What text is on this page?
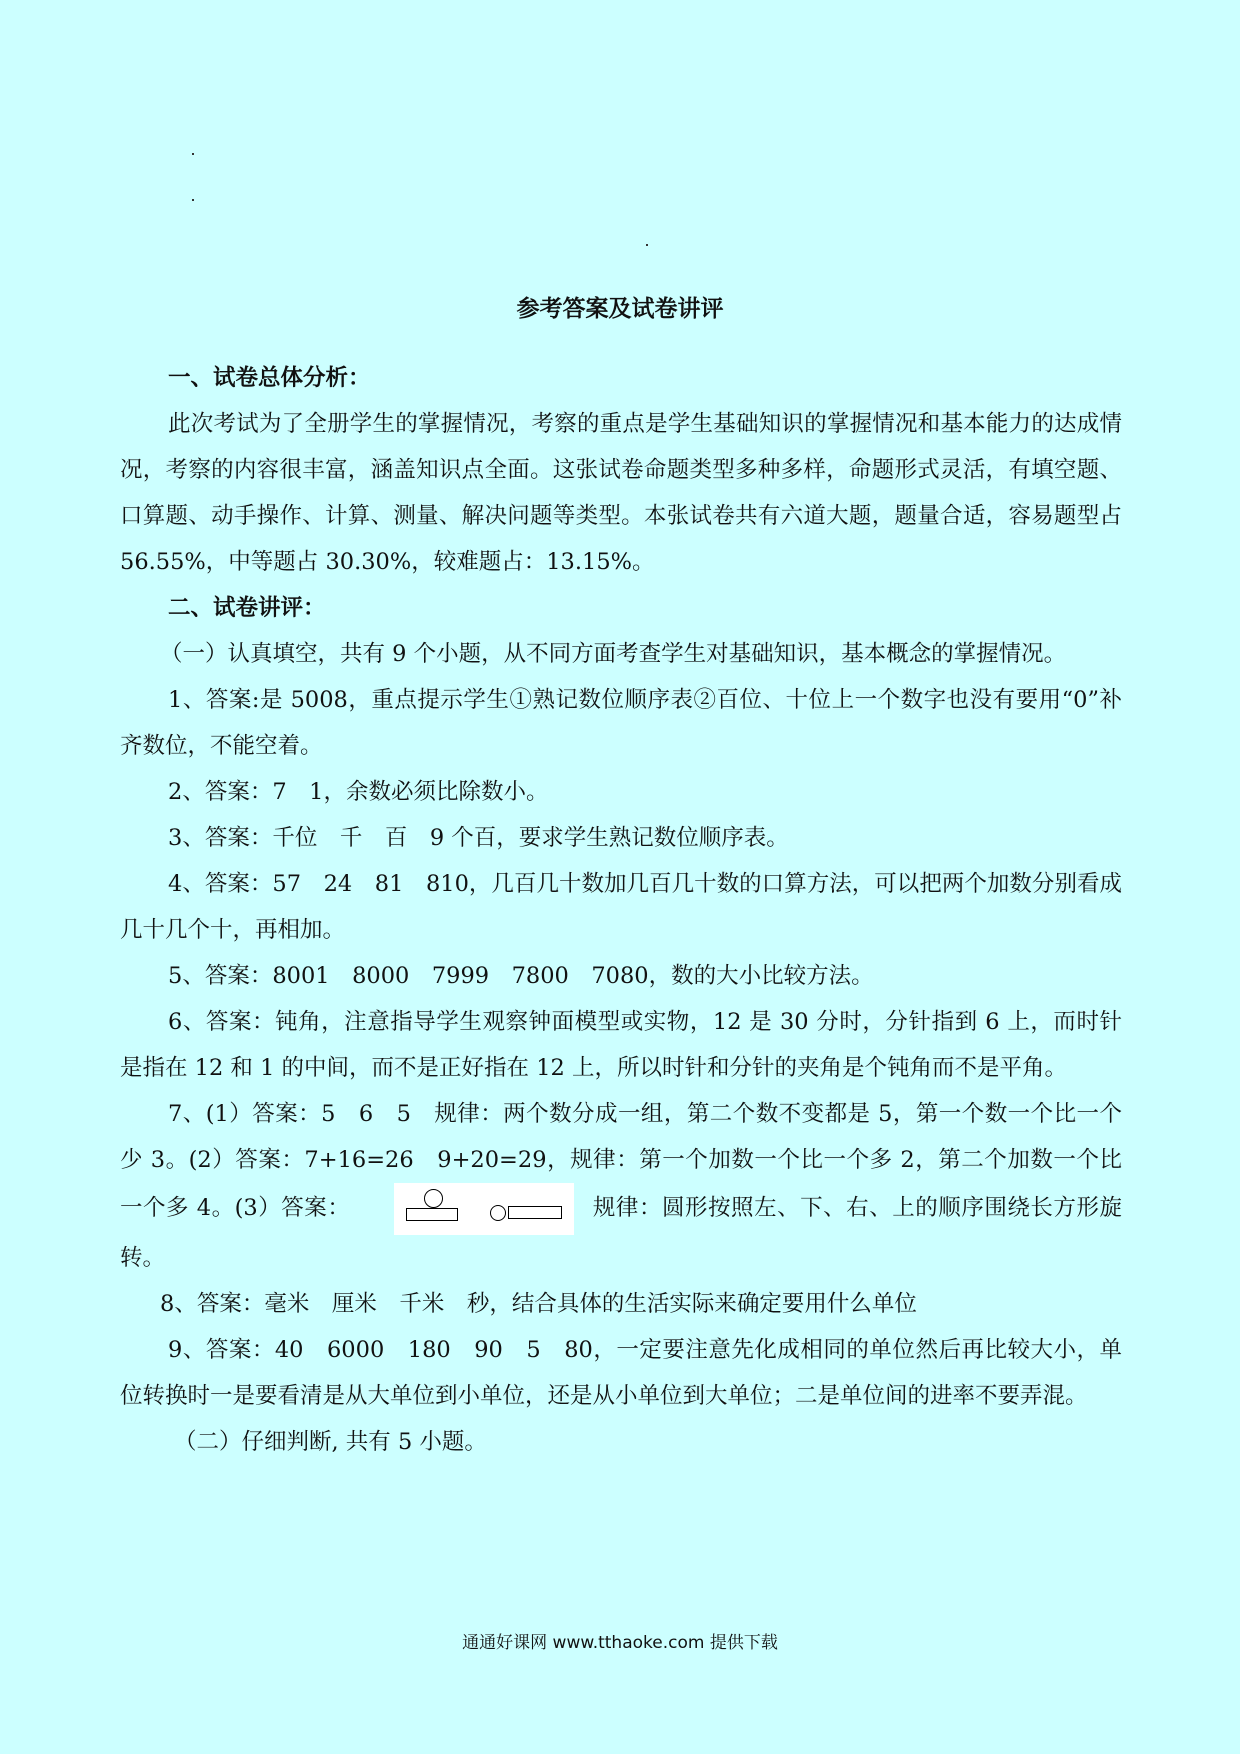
参考答案及试卷讲评

一、试卷总体分析：

此次考试为了全册学生的掌握情况，考察的重点是学生基础知识的掌握情况和基本能力的达成情况，考察的内容很丰富，涵盖知识点全面。这张试卷命题类型多种多样，命题形式灵活，有填空题、口算题、动手操作、计算、测量、解决问题等类型。本张试卷共有六道大题，题量合适，容易题型占 56.55%，中等题占 30.30%，较难题占：13.15%。

二、试卷讲评：

（一）认真填空，共有 9 个小题，从不同方面考查学生对基础知识，基本概念的掌握情况。

1、答案:是 5008，重点提示学生①熟记数位顺序表②百位、十位上一个数字也没有要用“0”补齐数位，不能空着。

2、答案：7　1，余数必须比除数小。

3、答案：千位　千　百　9 个百，要求学生熟记数位顺序表。

4、答案：57　24　81　810，几百几十数加几百几十数的口算方法，可以把两个加数分别看成几十几个十，再相加。

5、答案：8001　8000　7999　7800　7080，数的大小比较方法。

6、答案：钝角，注意指导学生观察钟面模型或实物，12 是 30 分时，分针指到 6 上，而时针是指在 12 和 1 的中间，而不是正好指在 12 上，所以时针和分针的夹角是个钝角而不是平角。

7、(1）答案：5　6　5　规律：两个数分成一组，第二个数不变都是 5，第一个数一个比一个少 3。(2）答案：7+16=26　9+20=29，规律：第一个加数一个比一个多 2，第二个加数一个比一个多 4。(3）答案：	规律：圆形按照左、下、右、上的顺序围绕长方形旋转。

8、答案：毫米　厘米　千米　秒，结合具体的生活实际来确定要用什么单位

9、答案：40　6000　180　90　5　80，一定要注意先化成相同的单位然后再比较大小，单位转换时一是要看清是从大单位到小单位，还是从小单位到大单位；二是单位间的进率不要弄混。

（二）仔细判断, 共有 5 小题。

通通好课网 www.tthaoke.com 提供下载
